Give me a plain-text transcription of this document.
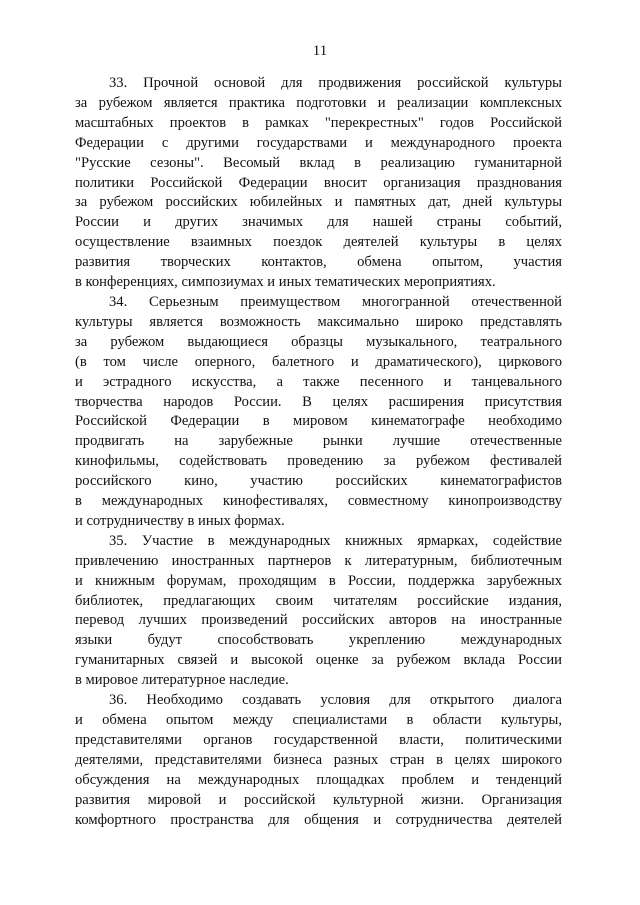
11

33. Прочной основой для продвижения российской культуры
за рубежом является практика подготовки и реализации комплексных
масштабных проектов в рамках "перекрестных" годов Российской
Федерации с другими государствами и международного проекта
"Русские сезоны". Весомый вклад в реализацию гуманитарной
политики Российской Федерации вносит организация празднования
за рубежом российских юбилейных и памятных дат, дней культуры
России и других значимых для нашей страны событий,
осуществление взаимных поездок деятелей культуры в целях
развития творческих контактов, обмена опытом, участия
в конференциях, симпозиумах и иных тематических мероприятиях.

34. Серьезным преимуществом многогранной отечественной
культуры является возможность максимально широко представлять
за рубежом выдающиеся образцы музыкального, театрального
(в том числе оперного, балетного и драматического), циркового
и эстрадного искусства, а также песенного и танцевального
творчества народов России. В целях расширения присутствия
Российской Федерации в мировом кинематографе необходимо
продвигать на зарубежные рынки лучшие отечественные
кинофильмы, содействовать проведению за рубежом фестивалей
российского кино, участию российских кинематографистов
в международных кинофестивалях, совместному кинопроизводству
и сотрудничеству в иных формах.

35. Участие в международных книжных ярмарках, содействие
привлечению иностранных партнеров к литературным, библиотечным
и книжным форумам, проходящим в России, поддержка зарубежных
библиотек, предлагающих своим читателям российские издания,
перевод лучших произведений российских авторов на иностранные
языки будут способствовать укреплению международных
гуманитарных связей и высокой оценке за рубежом вклада России
в мировое литературное наследие.

36. Необходимо создавать условия для открытого диалога
и обмена опытом между специалистами в области культуры,
представителями органов государственной власти, политическими
деятелями, представителями бизнеса разных стран в целях широкого
обсуждения на международных площадках проблем и тенденций
развития мировой и российской культурной жизни. Организация
комфортного пространства для общения и сотрудничества деятелей
